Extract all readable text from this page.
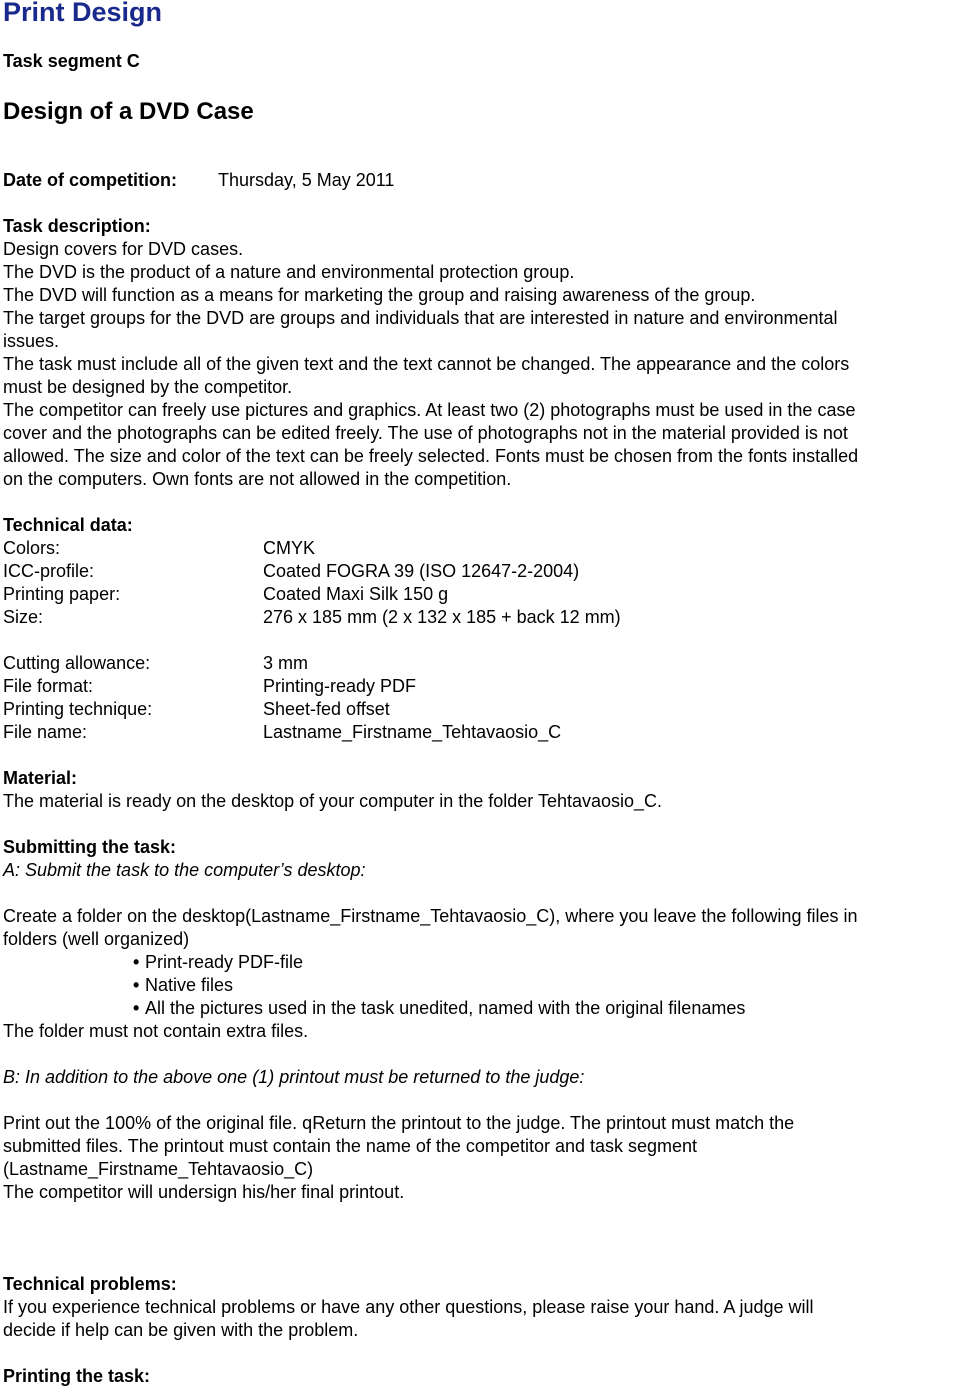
Print Design
Task segment C
Design of a DVD Case
Date of competition: Thursday, 5 May 2011
Task description:
Design covers for DVD cases.
The DVD is the product of a nature and environmental protection group.
The DVD will function as a means for marketing the group and raising awareness of the group.
The target groups for the DVD are groups and individuals that are interested in nature and environmental
issues.
The task must include all of the given text and the text cannot be changed. The appearance and the colors
must be designed by the competitor.
The competitor can freely use pictures and graphics. At least two (2) photographs must be used in the case
cover and the photographs can be edited freely. The use of photographs not in the material provided is not
allowed. The size and color of the text can be freely selected. Fonts must be chosen from the fonts installed
on the computers. Own fonts are not allowed in the competition.
Technical data:
Colors:	CMYK
ICC-profile:	Coated FOGRA 39 (ISO 12647-2-2004)
Printing paper:	Coated Maxi Silk 150 g
Size:	276 x 185 mm (2 x 132 x 185 + back 12 mm)
Cutting allowance:	3 mm
File format:	Printing-ready PDF
Printing technique:	Sheet-fed offset
File name:	Lastname_Firstname_Tehtavaosio_C
Material:
The material is ready on the desktop of your computer in the folder Tehtavaosio_C.
Submitting the task:
A: Submit the task to the computer’s desktop:
Create a folder on the desktop(Lastname_Firstname_Tehtavaosio_C), where you leave the following files in
folders (well organized)
• Print-ready PDF-file
• Native files
• All the pictures used in the task unedited, named with the original filenames
The folder must not contain extra files.
B: In addition to the above one (1) printout must be returned to the judge:
Print out the 100% of the original file. qReturn the printout to the judge. The printout must match the
submitted files. The printout must contain the name of the competitor and task segment
(Lastname_Firstname_Tehtavaosio_C)
The competitor will undersign his/her final printout.
Technical problems:
If you experience technical problems or have any other questions, please raise your hand. A judge will
decide if help can be given with the problem.
Printing the task:
